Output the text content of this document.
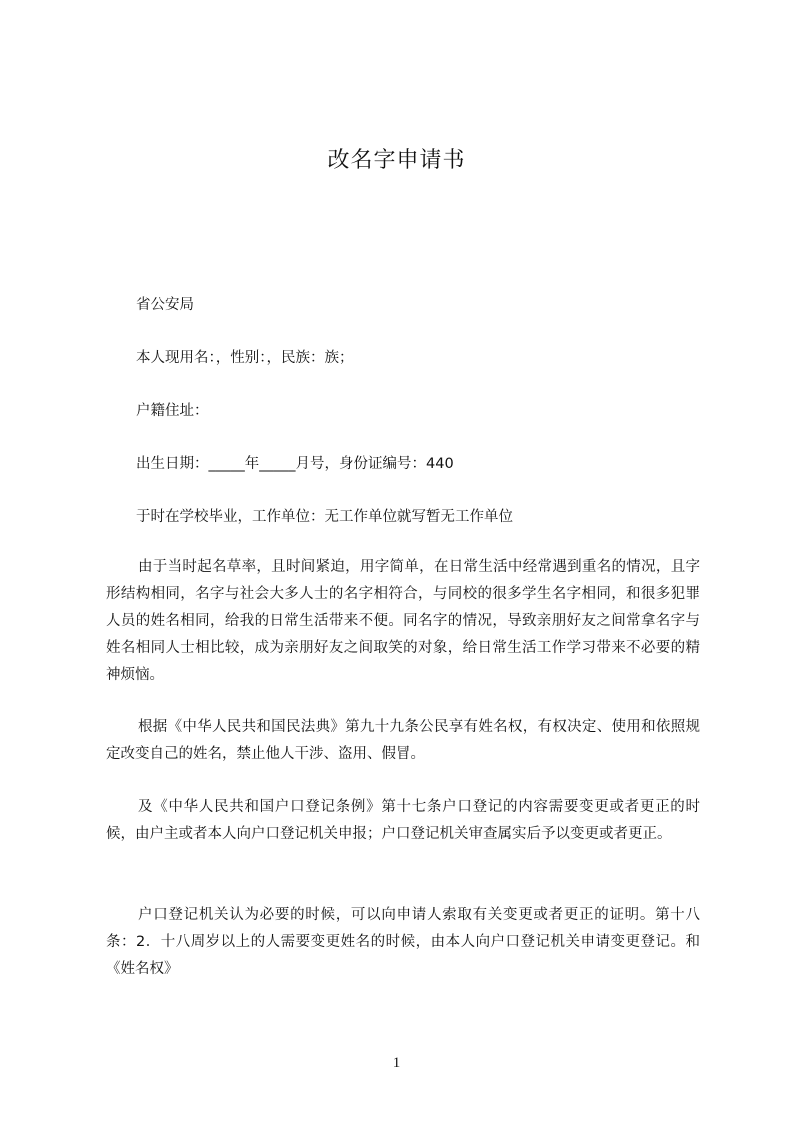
改名字申请书
省公安局
本人现用名：，性别：，民族：族；
户籍住址：
出生日期：_____年_____月号，身份证编号：440
于时在学校毕业，工作单位：无工作单位就写暂无工作单位
由于当时起名草率，且时间紧迫，用字简单，在日常生活中经常遇到重名的情况，且字形结构相同，名字与社会大多人士的名字相符合，与同校的很多学生名字相同，和很多犯罪人员的姓名相同，给我的日常生活带来不便。同名字的情况，导致亲朋好友之间常拿名字与姓名相同人士相比较，成为亲朋好友之间取笑的对象，给日常生活工作学习带来不必要的精神烦恼。
根据《中华人民共和国民法典》第九十九条公民享有姓名权，有权决定、使用和依照规定改变自己的姓名，禁止他人干涉、盗用、假冒。
及《中华人民共和国户口登记条例》第十七条户口登记的内容需要变更或者更正的时候，由户主或者本人向户口登记机关申报；户口登记机关审查属实后予以变更或者更正。
户口登记机关认为必要的时候，可以向申请人索取有关变更或者更正的证明。第十八条：2．十八周岁以上的人需要变更姓名的时候，由本人向户口登记机关申请变更登记。和《姓名权》
1
